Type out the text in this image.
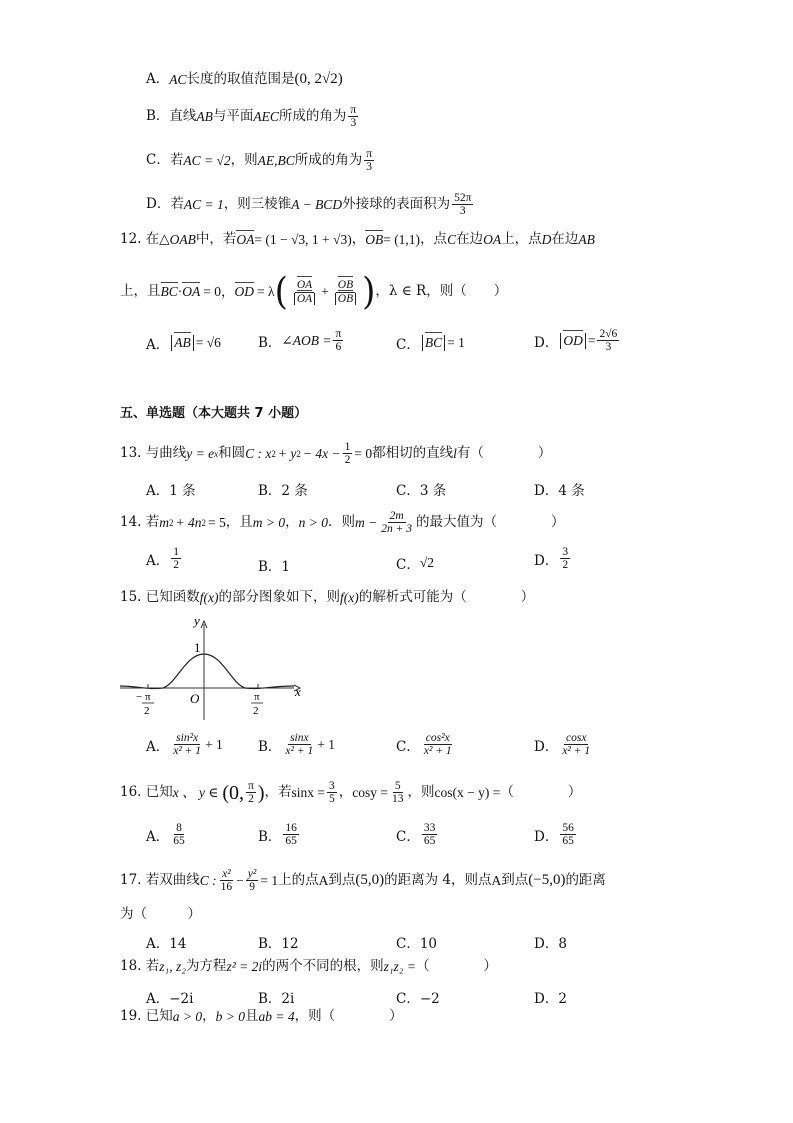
A． AC 长度的取值范围是 (0, 2√2)
B． 直线 AB 与平面 AEC 所成的角为 $\frac{\pi}{3}$
C． 若 AC = √2 ，则 AE,BC 所成的角为 $\frac{\pi}{3}$
D． 若 AC = 1 ，则三棱锥 A − BCD 外接球的表面积为 $\frac{52\pi}{3}$
12.
在△ OAB 中，若 OA = (1 − √3, 1 + √3) ， OB = (1,1) ，点 C 在边 OA 上，点 D 在边 AB
上，且 BC · OA = 0， OD = λ ( $\frac{OA}{OA} + \frac{OB}{OB}$ ) ，λ ∈ R，则（　　）
A． AB = √6	B． ∠AOB = $\frac{\pi}{6}$	C． BC = 1	D． OD = $\frac{2√6}{3}$
五、单选题（本大题共 7 小题）
13.
与曲线 y = e x 和圆 C : x 2 + y $2 - 4x - \frac{1}{2} = 0$ 都相切的直线 l 有（　　　　）
A．1 条	B．2 条	C．3 条	D．4 条
14.
若 m 2 + 4n 2 = 5 ，且 m > 0 ， n > 0 ．则 $m - \frac{2m}{2n + 3}$ 的最大值为（　　　　）
A． $\frac{1}{2}$	B．1	C． √2	D． $\frac{3}{2}$
15.
已知函数 f(x) 的部分图象如下，则 f(x) 的解析式可能为（　　　　）
y
x
O
1
− π
2
π
2
A． $\frac{\text{sin²x}}{\text{x² + 1}} + 1$	B． $\frac{\sin x}{\text{x² + 1}} + 1$	C． $\frac{\text{cos²x}}{\text{x² + 1}}$	D． $\frac{\cos x}{\text{x² + 1}}$
16.
已知 x 、 y ∈ (0, $\frac{\pi}{2}$ ) ，若 $\sin x = \frac{3}{5}$ ， $\cos y = \frac{5}{13}$ ，则 cos(x − y) = （　　　　）
A． $\frac{8}{65}$	B． $\frac{16}{65}$	C． $\frac{33}{65}$	D． $\frac{56}{65}$
17.
若双曲线 C : $\frac{\text{x²}}{16} - \frac{\text{y²}}{9} = 1$ 上的点 A 到点 (5,0) 的距离为 4，则点 A 到点 (−5,0) 的距离
为（　　　）
A．14	B．12	C．10	D．8
18.
若 z₁, z₂ 为方程 z² = 2i 的两个不同的根，则 z₁z₂ = （　　　　）
A．−2i	B．2i	C．−2	D．2
19.
已知 a > 0 ， b > 0 且 ab = 4 ，则（　　　　）
